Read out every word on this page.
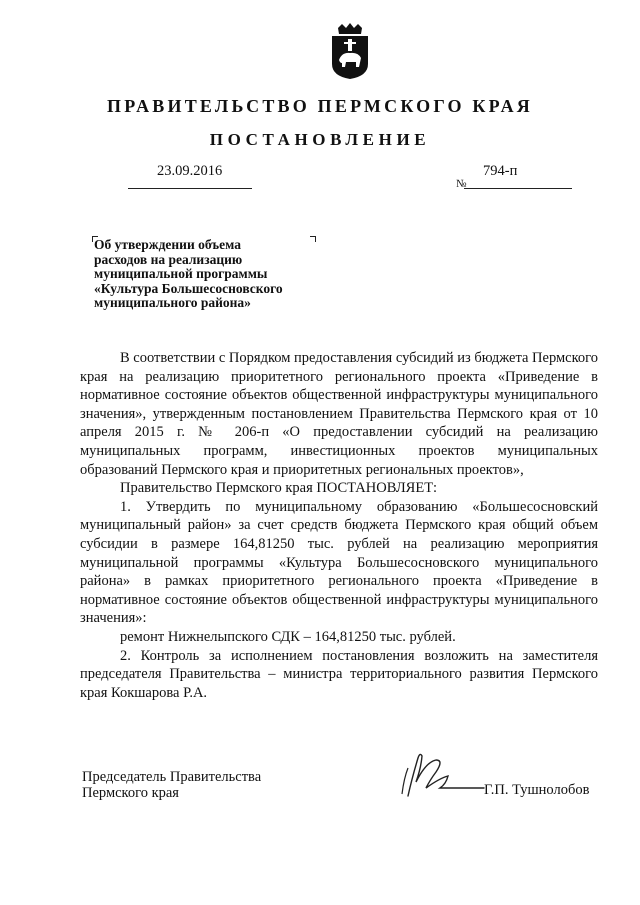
ПРАВИТЕЛЬСТВО ПЕРМСКОГО КРАЯ
ПОСТАНОВЛЕНИЕ
23.09.2016
№
794-п
Об утверждении объема
расходов на реализацию
муниципальной программы
«Культура Большесосновского
муниципального района»

В соответствии с Порядком предоставления субсидий из бюджета Пермского края на реализацию приоритетного регионального проекта «Приведение в нормативное состояние объектов общественной инфраструктуры муниципального значения», утвержденным постановлением Правительства Пермского края от 10 апреля 2015 г. № 206-п «О предоставлении субсидий на реализацию муниципальных программ, инвестиционных проектов муниципальных образований Пермского края и приоритетных региональных проектов»,

Правительство Пермского края ПОСТАНОВЛЯЕТ:

1. Утвердить по муниципальному образованию «Большесосновский муниципальный район» за счет средств бюджета Пермского края общий объем субсидии в размере 164,81250 тыс. рублей на реализацию мероприятия муниципальной программы «Культура Большесосновского муниципального района» в рамках приоритетного регионального проекта «Приведение в нормативное состояние объектов общественной инфраструктуры муниципального значения»:

ремонт Нижнелыпского СДК – 164,81250 тыс. рублей.

2. Контроль за исполнением постановления возложить на заместителя председателя Правительства – министра территориального развития Пермского края Кокшарова Р.А.

Председатель Правительства
Пермского края	Г.П. Тушнолобов
